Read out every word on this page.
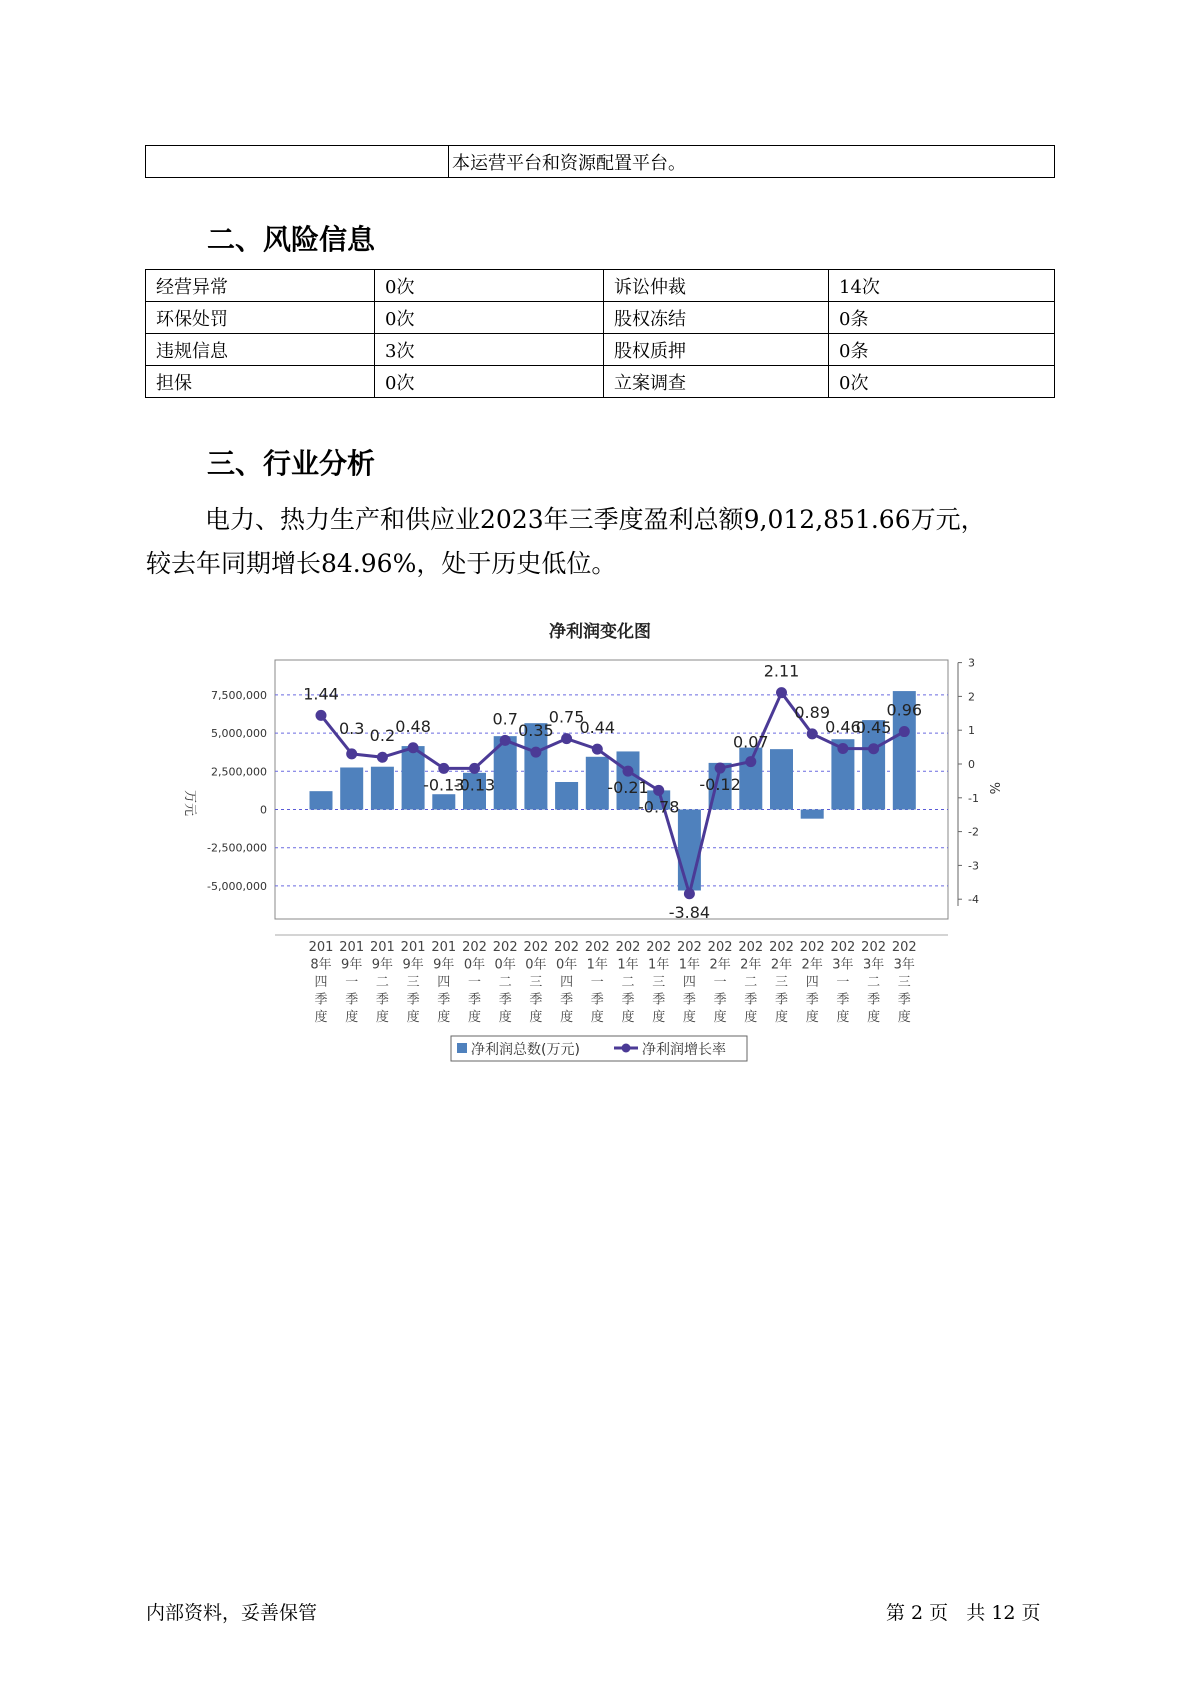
	本运营平台和资源配置平台。
二、风险信息
经营异常	0次	诉讼仲裁	14次
环保处罚	0次	股权冻结	0条
违规信息	3次	股权质押	0条
担保	0次	立案调查	0次
三、行业分析
电力、热力生产和供应业2023年三季度盈利总额9,012,851.66万元，
较去年同期增长84.96%，处于历史低位。
净利润变化图
1.44
0.3 0.2 0.48
-0.13
-0.13
0.7
0.35
0.75
0.44
-0.21
-0.78
-3.84
-0.12
0.07
2.11
0.89
0.46
0.45
0.96
7,500,000
5,000,000
2,500,000
0
-2,500,000
-5,000,000
3
2
1
0
-1
-2
-3
-4
201
8年
四
季
度
201
9年
一
季
度
201
9年
二
季
度
201
9年
三
季
度
201
9年
四
季
度
202
0年
一
季
度
202
0年
二
季
度
202
0年
三
季
度
202
0年
四
季
度
202
1年
一
季
度
202
1年
二
季
度
202
1年
三
季
度
202
1年
四
季
度
202
2年
一
季
度
202
2年
二
季
度
202
2年
三
季
度
202
2年
四
季
度
202
3年
一
季
度
202
3年
二
季
度
202
3年
三
季
度
万元
%
净利润总数(万元)	净利润增长率
内部资料，妥善保管	第 2 页   共 12 页
